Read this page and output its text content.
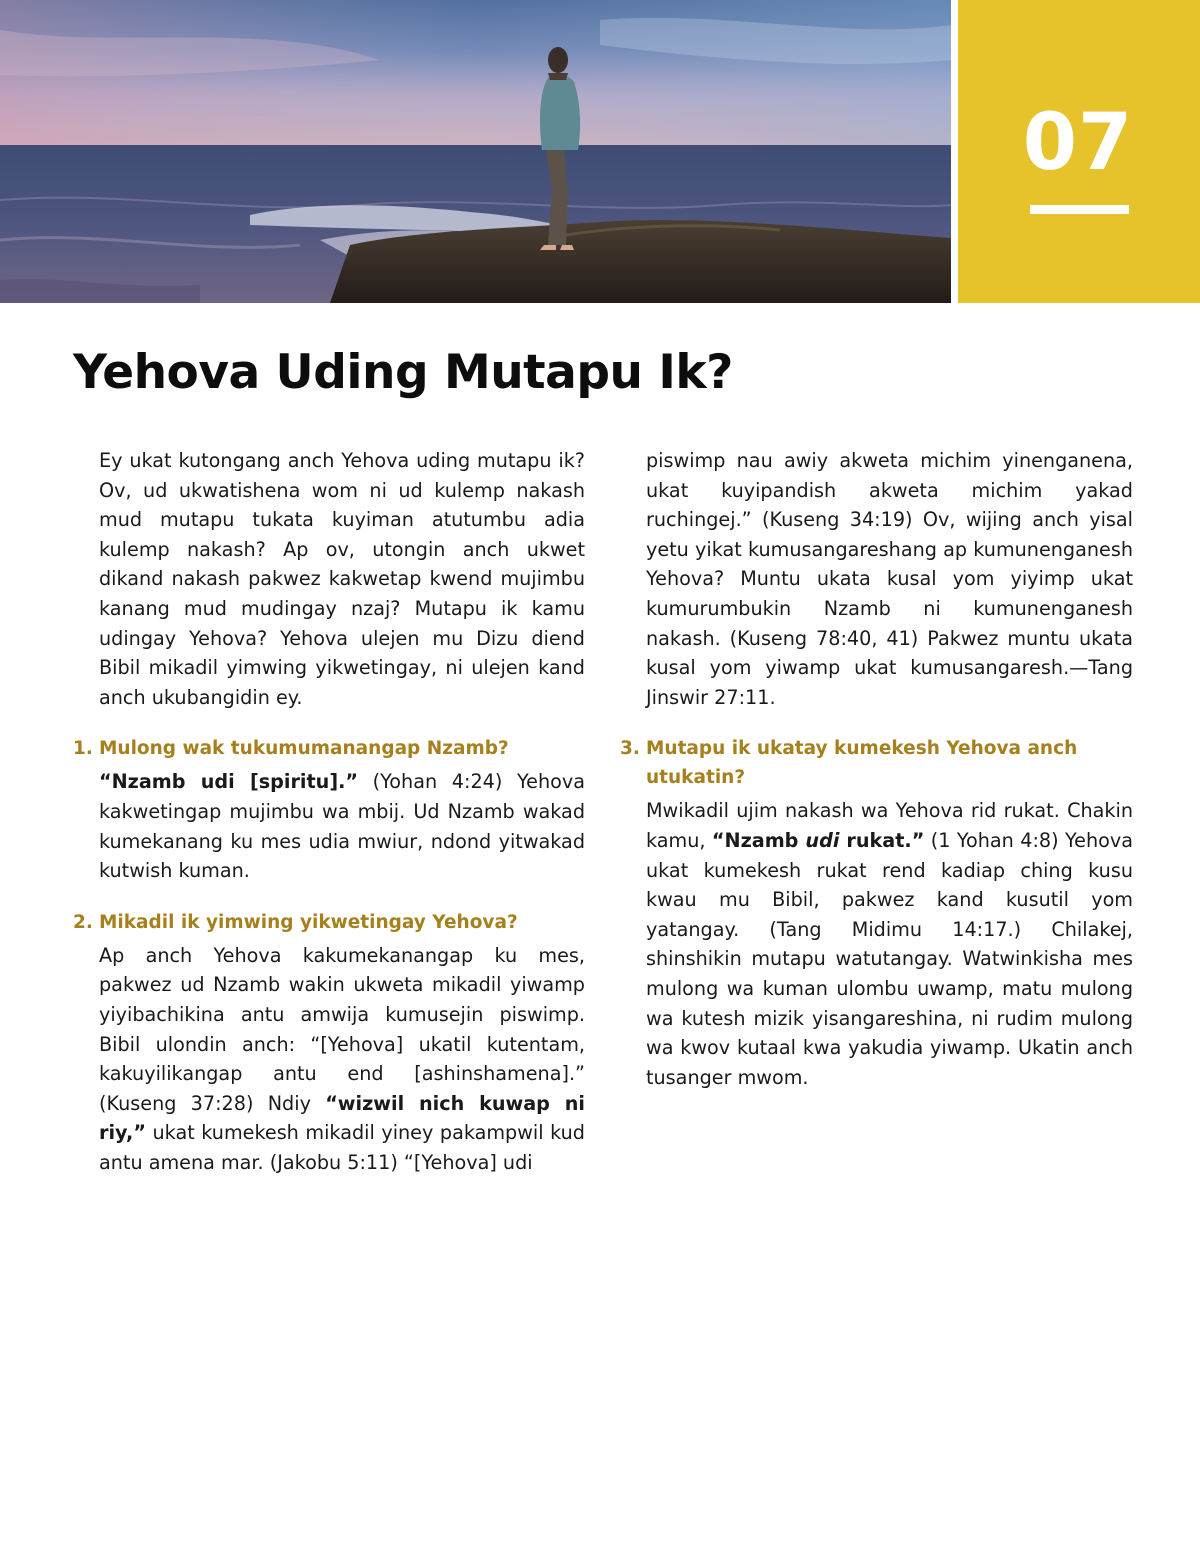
07
Yehova Uding Mutapu Ik?

Ey ukat kutongang anch Yehova uding mutapu ik? Ov, ud ukwatishena wom ni ud kulemp nakash mud mutapu tukata kuyiman atutumbu adia kulemp nakash? Ap ov, utongin anch ukwet dikand nakash pakwez kakwetap kwend mujimbu kanang mud mudingay nzaj? Mutapu ik kamu udingay Yehova? Yehova ulejen mu Dizu diend Bibil mikadil yimwing yikwetingay, ni ulejen kand anch ukubangidin ey.

1. Mulong wak tukumumanangap Nzamb?

“Nzamb udi [spiritu].” (Yohan 4:24) Yehova kakwetingap mujimbu wa mbij. Ud Nzamb wakad kumekanang ku mes udia mwiur, ndond yitwakad kutwish kuman.

2. Mikadil ik yimwing yikwetingay Yehova?

Ap anch Yehova kakumekanangap ku mes, pakwez ud Nzamb wakin ukweta mikadil yiwamp yiyibachikina antu amwija kumusejin piswimp. Bibil ulondin anch: “[Yehova] ukatil kutentam, kakuyilikangap antu end [ashinshamena].” (Kuseng 37:28) Ndiy “wizwil nich kuwap ni riy,” ukat kumekesh mikadil yiney pakampwil kud antu amena mar. (Jakobu 5:11) “[Yehova] udi

piswimp nau awiy akweta michim yinenganena, ukat kuyipandish akweta michim yakad ruchingej.” (Kuseng 34:19) Ov, wijing anch yisal yetu yikat kumusangareshang ap kumunenganesh Yehova? Muntu ukata kusal yom yiyimp ukat kumurumbukin Nzamb ni kumunenganesh nakash. (Kuseng 78:40, 41) Pakwez muntu ukata kusal yom yiwamp ukat kumusangaresh.—Tang Jinswir 27:11.

3. Mutapu ik ukatay kumekesh Yehova anch utukatin?

Mwikadil ujim nakash wa Yehova rid rukat. Chakin kamu, “Nzamb udi rukat.” (1 Yohan 4:8) Yehova ukat kumekesh rukat rend kadiap ching kusu kwau mu Bibil, pakwez kand kusutil yom yatangay. (Tang Midimu 14:17.) Chilakej, shinshikin mutapu watutangay. Watwinkisha mes mulong wa kuman ulombu uwamp, matu mulong wa kutesh mizik yisangareshina, ni rudim mulong wa kwov kutaal kwa yakudia yiwamp. Ukatin anch tusanger mwom.
